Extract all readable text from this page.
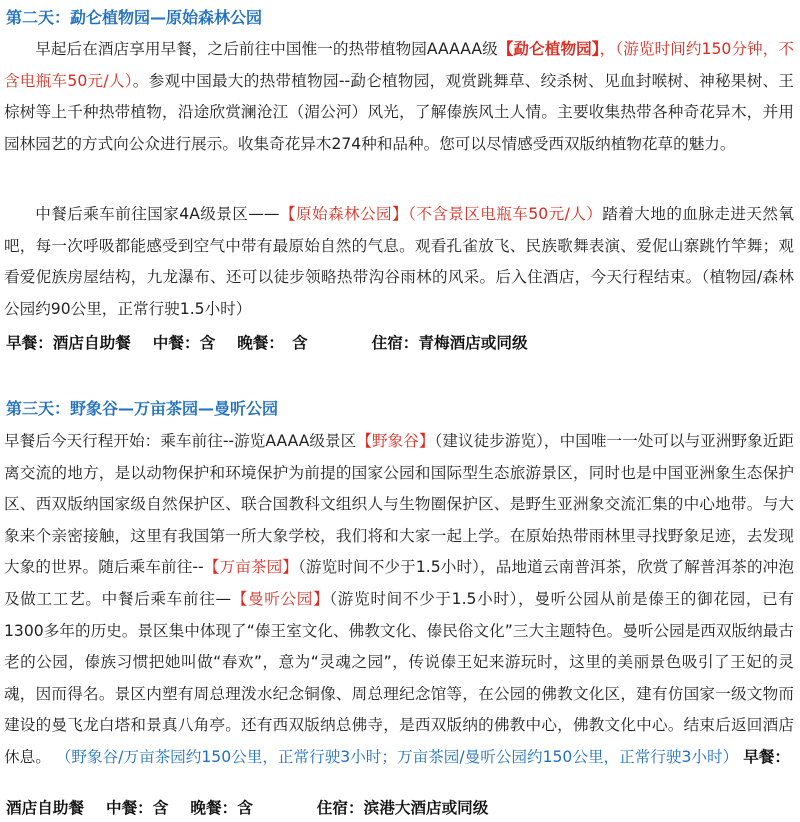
第二天：勐仑植物园—原始森林公园

早起后在酒店享用早餐，之后前往中国惟一的热带植物园AAAAA级【勐仑植物园】，（游览时间约150分钟，不含电瓶车50元/人）。参观中国最大的热带植物园--勐仑植物园，观赏跳舞草、绞杀树、见血封喉树、神秘果树、王棕树等上千种热带植物，沿途欣赏澜沧江（湄公河）风光，了解傣族风土人情。主要收集热带各种奇花异木，并用园林园艺的方式向公众进行展示。收集奇花异木274种和品种。您可以尽情感受西双版纳植物花草的魅力。

中餐后乘车前往国家4A级景区——【原始森林公园】（不含景区电瓶车50元/人）踏着大地的血脉走进天然氧吧，每一次呼吸都能感受到空气中带有最原始自然的气息。观看孔雀放飞、民族歌舞表演、爱伲山寨跳竹竿舞；观看爱伲族房屋结构，九龙瀑布、还可以徒步领略热带沟谷雨林的风采。后入住酒店，今天行程结束。（植物园/森林公园约90公里，正常行驶1.5小时）

早餐：酒店自助餐 中餐：含 晚餐： 含	住宿：青梅酒店或同级
第三天：野象谷—万亩茶园—曼听公园

早餐后今天行程开始：乘车前往--游览AAAA级景区【野象谷】（建议徒步游览），中国唯一一处可以与亚洲野象近距离交流的地方，是以动物保护和环境保护为前提的国家公园和国际型生态旅游景区，同时也是中国亚洲象生态保护区、西双版纳国家级自然保护区、联合国教科文组织人与生物圈保护区、是野生亚洲象交流汇集的中心地带。与大象来个亲密接触，这里有我国第一所大象学校，我们将和大家一起上学。在原始热带雨林里寻找野象足迹，去发现大象的世界。随后乘车前往--【万亩茶园】（游览时间不少于1.5小时），品地道云南普洱茶，欣赏了解普洱茶的冲泡及做工工艺。中餐后乘车前往—【曼听公园】（游览时间不少于1.5小时），曼听公园从前是傣王的御花园，已有1300多年的历史。景区集中体现了“傣王室文化、佛教文化、傣民俗文化”三大主题特色。曼听公园是西双版纳最古老的公园，傣族习惯把她叫做“春欢”，意为“灵魂之园”，传说傣王妃来游玩时，这里的美丽景色吸引了王妃的灵魂，因而得名。景区内塑有周总理泼水纪念铜像、周总理纪念馆等，在公园的佛教文化区，建有仿国家一级文物而建设的曼飞龙白塔和景真八角亭。还有西双版纳总佛寺，是西双版纳的佛教中心，佛教文化中心。结束后返回酒店休息。 （野象谷/万亩茶园约150公里，正常行驶3小时；万亩茶园/曼听公园约150公里，正常行驶3小时） 早餐：

酒店自助餐 中餐：含 晚餐：含	住宿：滨港大酒店或同级
